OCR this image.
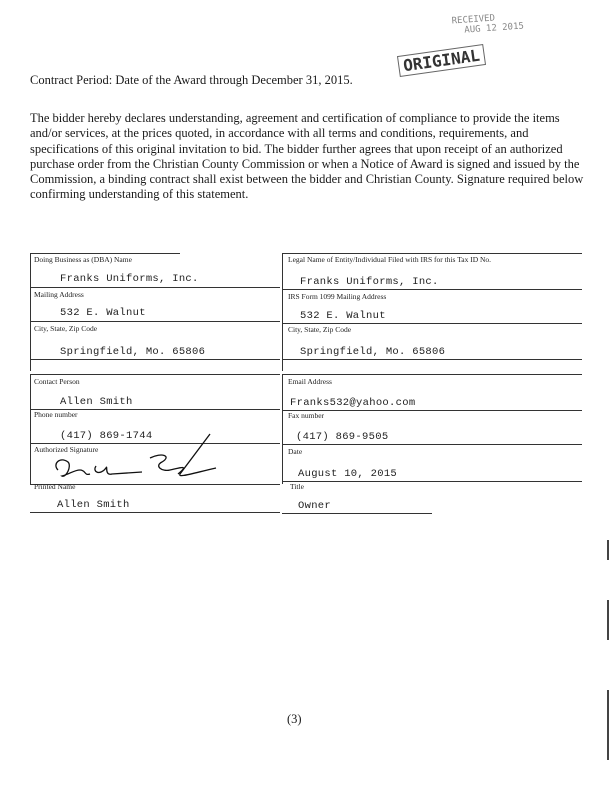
RECEIVED
AUG 12 2015
ORIGINAL
Contract Period: Date of the Award through December 31, 2015.
The bidder hereby declares understanding, agreement and certification of compliance to provide the items and/or services, at the prices quoted, in accordance with all terms and conditions, requirements, and specifications of this original invitation to bid. The bidder further agrees that upon receipt of an authorized purchase order from the Christian County Commission or when a Notice of Award is signed and issued by the Commission, a binding contract shall exist between the bidder and Christian County. Signature required below confirming understanding of this statement.
Doing Business as (DBA) Name
Franks Uniforms, Inc.
Legal Name of Entity/Individual Filed with IRS for this Tax ID No.
Franks Uniforms, Inc.
Mailing Address
532 E. Walnut
IRS Form 1099 Mailing Address
532 E. Walnut
City, State, Zip Code
Springfield, Mo. 65806
City, State, Zip Code
Springfield, Mo. 65806
Contact Person
Allen Smith
Email Address
Franks532@yahoo.com
Phone number
(417) 869-1744
Fax number
(417) 869-9505
Authorized Signature	Date
August 10, 2015
Printed Name
Allen Smith
Title
Owner
(3)
